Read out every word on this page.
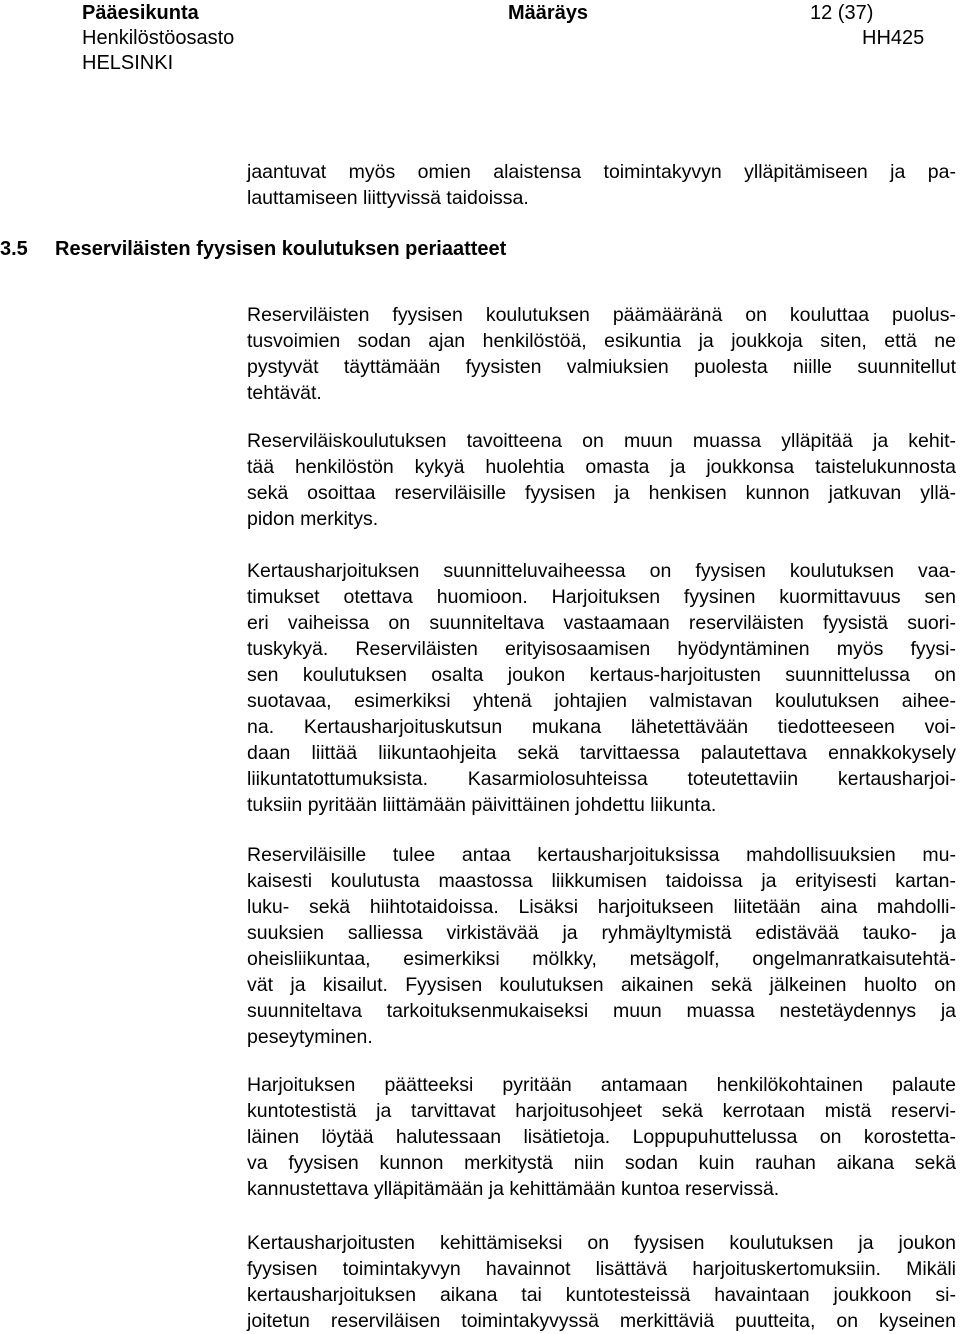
Pääesikunta	Määräys	12 (37)
Henkilöstöosasto	HH425
HELSINKI
jaantuvat myös omien alaistensa toimintakyvyn ylläpitämiseen ja pa-
lauttamiseen liittyvissä taidoissa.
3.5 Reserviläisten fyysisen koulutuksen periaatteet
Reserviläisten fyysisen koulutuksen päämääränä on kouluttaa puolus-
tusvoimien sodan ajan henkilöstöä, esikuntia ja joukkoja siten, että ne
pystyvät täyttämään fyysisten valmiuksien puolesta niille suunnitellut
tehtävät.
Reserviläiskoulutuksen tavoitteena on muun muassa ylläpitää ja kehit-
tää henkilöstön kykyä huolehtia omasta ja joukkonsa taistelukunnosta
sekä osoittaa reserviläisille fyysisen ja henkisen kunnon jatkuvan yllä-
pidon merkitys.
Kertausharjoituksen suunnitteluvaiheessa on fyysisen koulutuksen vaa-
timukset otettava huomioon. Harjoituksen fyysinen kuormittavuus sen
eri vaiheissa on suunniteltava vastaamaan reserviläisten fyysistä suori-
tuskykyä. Reserviläisten erityisosaamisen hyödyntäminen myös fyysi-
sen koulutuksen osalta joukon kertaus-harjoitusten suunnittelussa on
suotavaa, esimerkiksi yhtenä johtajien valmistavan koulutuksen aihee-
na. Kertausharjoituskutsun mukana lähetettävään tiedotteeseen voi-
daan liittää liikuntaohjeita sekä tarvittaessa palautettava ennakkokysely
liikuntatottumuksista. Kasarmiolosuhteissa toteutettaviin kertausharjoi-
tuksiin pyritään liittämään päivittäinen johdettu liikunta.
Reserviläisille tulee antaa kertausharjoituksissa mahdollisuuksien mu-
kaisesti koulutusta maastossa liikkumisen taidoissa ja erityisesti kartan-
luku- sekä hiihtotaidoissa. Lisäksi harjoitukseen liitetään aina mahdolli-
suuksien salliessa virkistävää ja ryhmäyltymistä edistävää tauko- ja
oheisliikuntaa, esimerkiksi mölkky, metsägolf, ongelmanratkaisutehtä-
vät ja kisailut. Fyysisen koulutuksen aikainen sekä jälkeinen huolto on
suunniteltava tarkoituksenmukaiseksi muun muassa nestetäydennys ja
peseytyminen.
Harjoituksen päätteeksi pyritään antamaan henkilökohtainen palaute
kuntotestistä ja tarvittavat harjoitusohjeet sekä kerrotaan mistä reservi-
läinen löytää halutessaan lisätietoja. Loppupuhuttelussa on korostetta-
va fyysisen kunnon merkitystä niin sodan kuin rauhan aikana sekä
kannustettava ylläpitämään ja kehittämään kuntoa reservissä.
Kertausharjoitusten kehittämiseksi on fyysisen koulutuksen ja joukon
fyysisen toimintakyvyn havainnot lisättävä harjoituskertomuksiin. Mikäli
kertausharjoituksen aikana tai kuntotesteissä havaintaan joukkoon si-
joitetun reserviläisen toimintakyvyssä merkittäviä puutteita, on kyseinen
